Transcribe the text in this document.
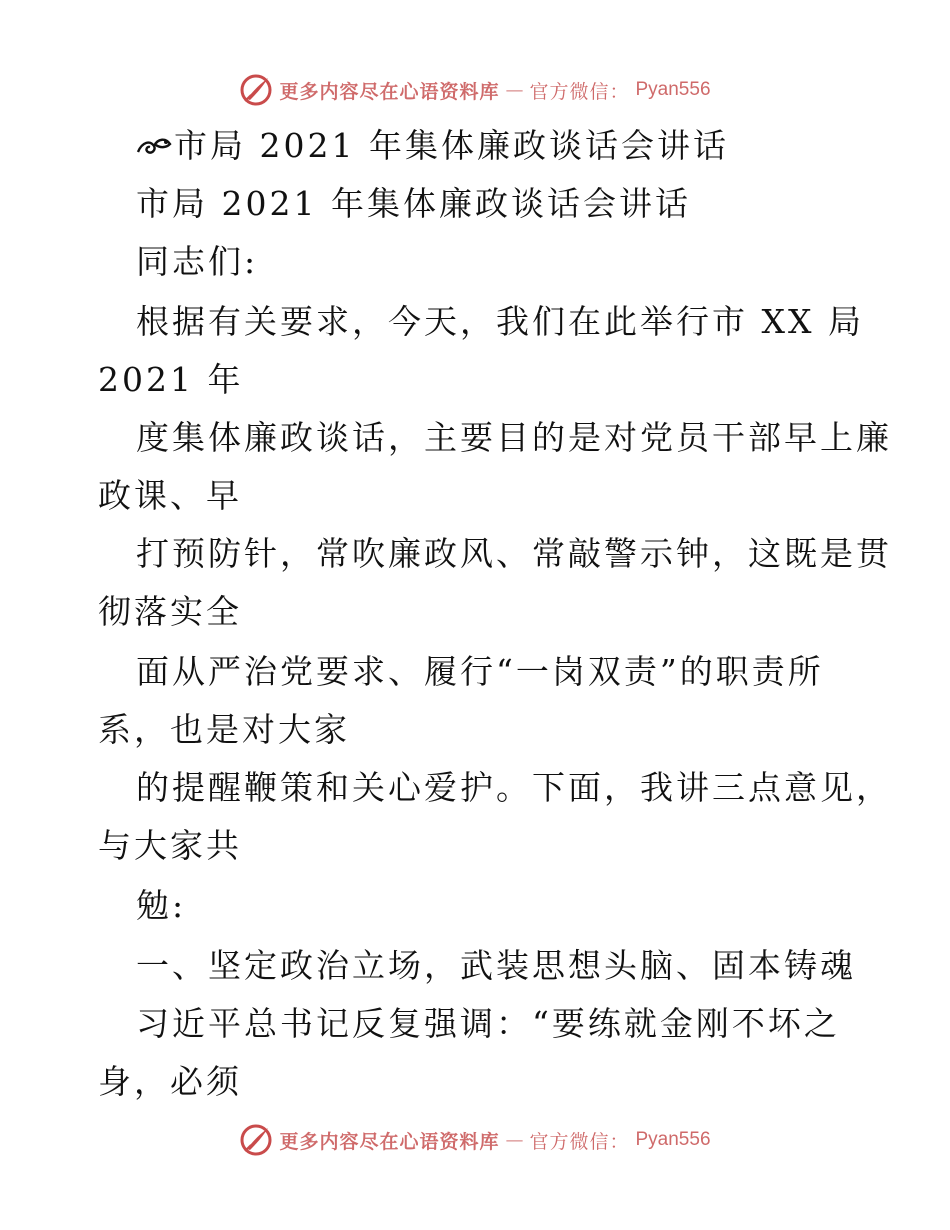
更多内容尽在心语资料库 — 官方微信： Pyan556
市局 2021 年集体廉政谈话会讲话
市局 2021 年集体廉政谈话会讲话
同志们:
根据有关要求，今天，我们在此举行市 XX 局
2021 年
度集体廉政谈话，主要目的是对党员干部早上廉
政课、早
打预防针，常吹廉政风、常敲警示钟，这既是贯
彻落实全
面从严治党要求、履行“一岗双责”的职责所
系，也是对大家
的提醒鞭策和关心爱护。下面，我讲三点意见，
与大家共
勉:
一、坚定政治立场，武装思想头脑、固本铸魂
习近平总书记反复强调：“要练就金刚不坏之
身，必须
更多内容尽在心语资料库 — 官方微信： Pyan556
